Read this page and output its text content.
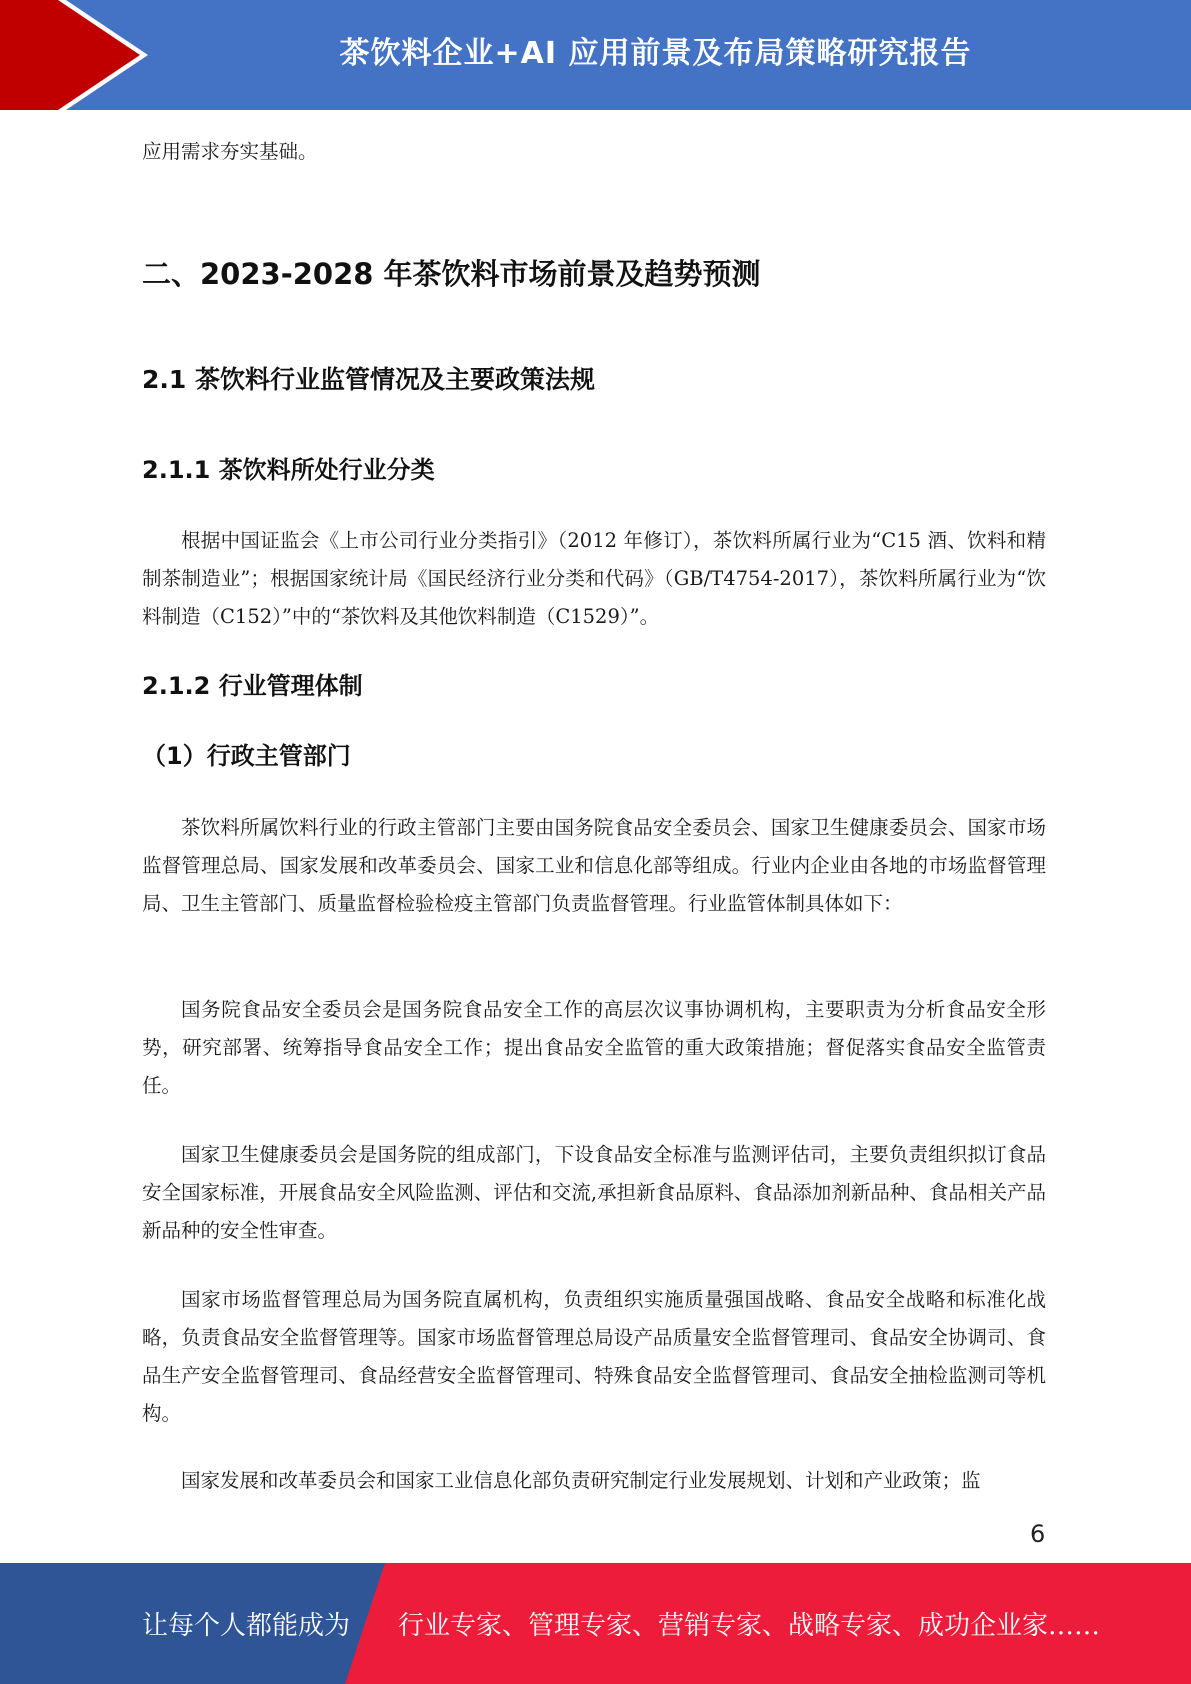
茶饮料企业+AI 应用前景及布局策略研究报告

应用需求夯实基础。

二、2023-2028 年茶饮料市场前景及趋势预测
2.1 茶饮料行业监管情况及主要政策法规
2.1.1 茶饮料所处行业分类

根据中国证监会《上市公司行业分类指引》（2012 年修订），茶饮料所属行业为“C15 酒、饮料和精制茶制造业”；根据国家统计局《国民经济行业分类和代码》（GB/T4754-2017），茶饮料所属行业为“饮料制造（C152）”中的“茶饮料及其他饮料制造（C1529）”。

2.1.2 行业管理体制
（1）行政主管部门

茶饮料所属饮料行业的行政主管部门主要由国务院食品安全委员会、国家卫生健康委员会、国家市场监督管理总局、国家发展和改革委员会、国家工业和信息化部等组成。行业内企业由各地的市场监督管理局、卫生主管部门、质量监督检验检疫主管部门负责监督管理。行业监管体制具体如下：

国务院食品安全委员会是国务院食品安全工作的高层次议事协调机构，主要职责为分析食品安全形势，研究部署、统筹指导食品安全工作；提出食品安全监管的重大政策措施；督促落实食品安全监管责任。

国家卫生健康委员会是国务院的组成部门，下设食品安全标准与监测评估司，主要负责组织拟订食品安全国家标准，开展食品安全风险监测、评估和交流,承担新食品原料、食品添加剂新品种、食品相关产品新品种的安全性审查。

国家市场监督管理总局为国务院直属机构，负责组织实施质量强国战略、食品安全战略和标准化战略，负责食品安全监督管理等。国家市场监督管理总局设产品质量安全监督管理司、食品安全协调司、食品生产安全监督管理司、食品经营安全监督管理司、特殊食品安全监督管理司、食品安全抽检监测司等机构。

国家发展和改革委员会和国家工业信息化部负责研究制定行业发展规划、计划和产业政策；监

6
让每个人都能成为 行业专家、管理专家、营销专家、战略专家、成功企业家……
